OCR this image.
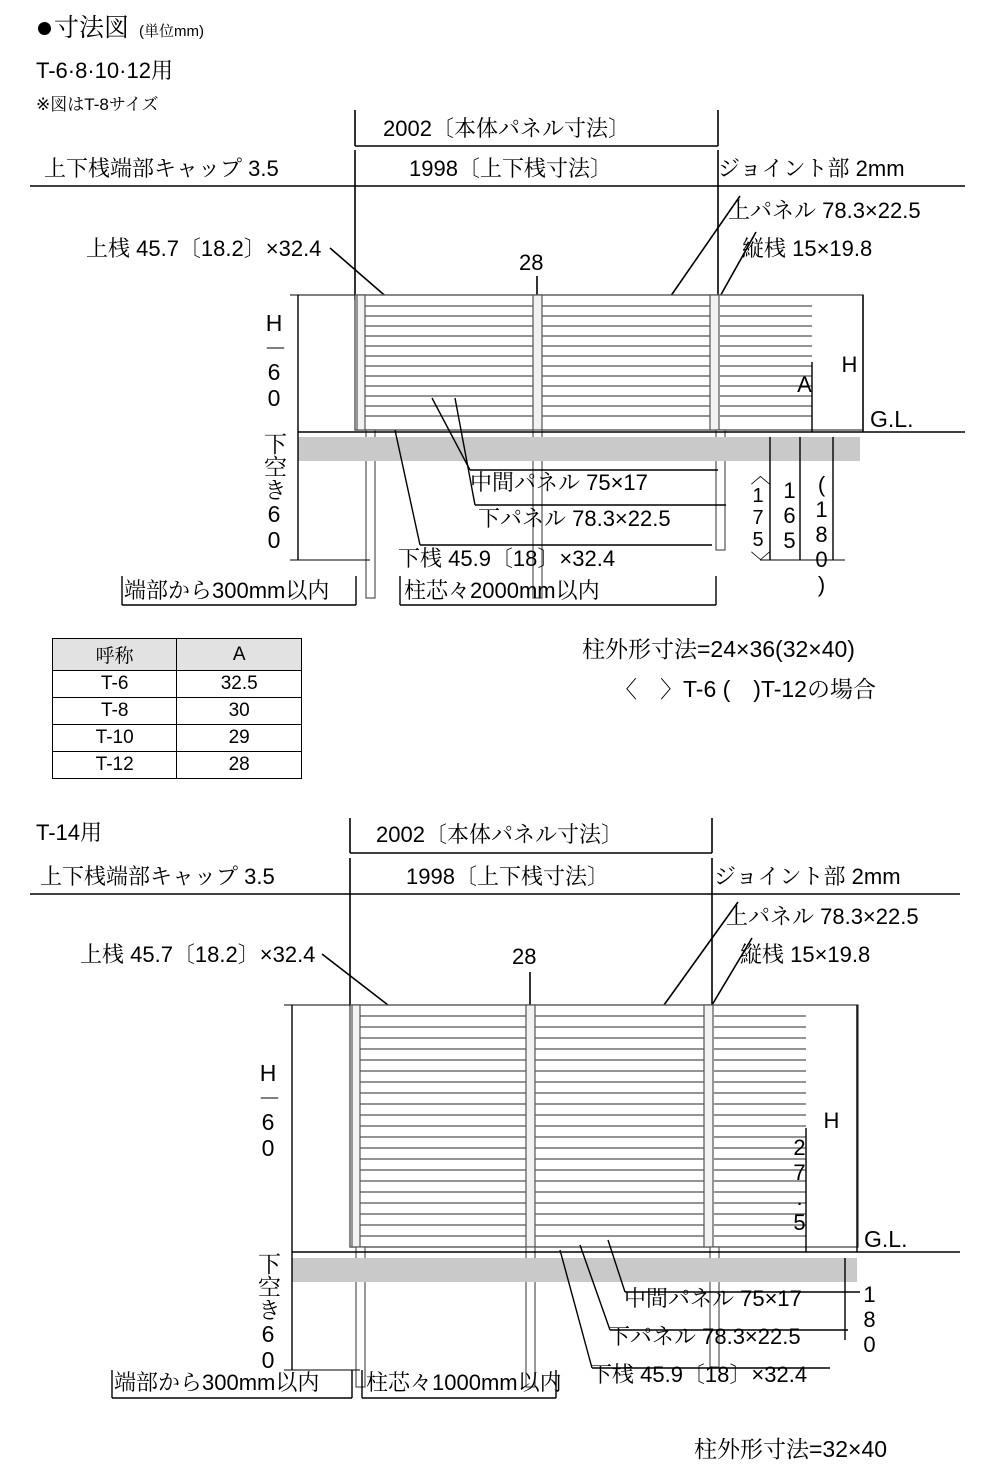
寸法図 (単位mm)
T-6·8·10·12用
※図はT-8サイズ
2002〔本体パネル寸法〕
1998〔上下桟寸法〕
上下桟端部キャップ 3.5	ジョイント部 2mm
上パネル 78.3×22.5
縦桟 15×19.8
上桟 45.7〔18.2〕×32.4
28
H－60
下空き60
G.L.
H
A
〈175〉 165 (180)
中間パネル 75×17
下パネル 78.3×22.5
下桟 45.9〔18〕×32.4
端部から300mm以内	柱芯々2000mm以内
柱外形寸法=24×36(32×40)
〈　〉T-6 (　)T-12の場合
呼称	A
T-6	32.5
T-8	30
T-10	29
T-12	28
T-14用	2002〔本体パネル寸法〕
1998〔上下桟寸法〕
上下桟端部キャップ 3.5	ジョイント部 2mm
上パネル 78.3×22.5
縦桟 15×19.8
上桟 45.7〔18.2〕×32.4	28
H－60
下空き60
G.L.
H
27.5
180
中間パネル 75×17
下パネル 78.3×22.5
下桟 45.9〔18〕×32.4
端部から300mm以内 柱芯々1000mm以内
柱外形寸法=32×40
